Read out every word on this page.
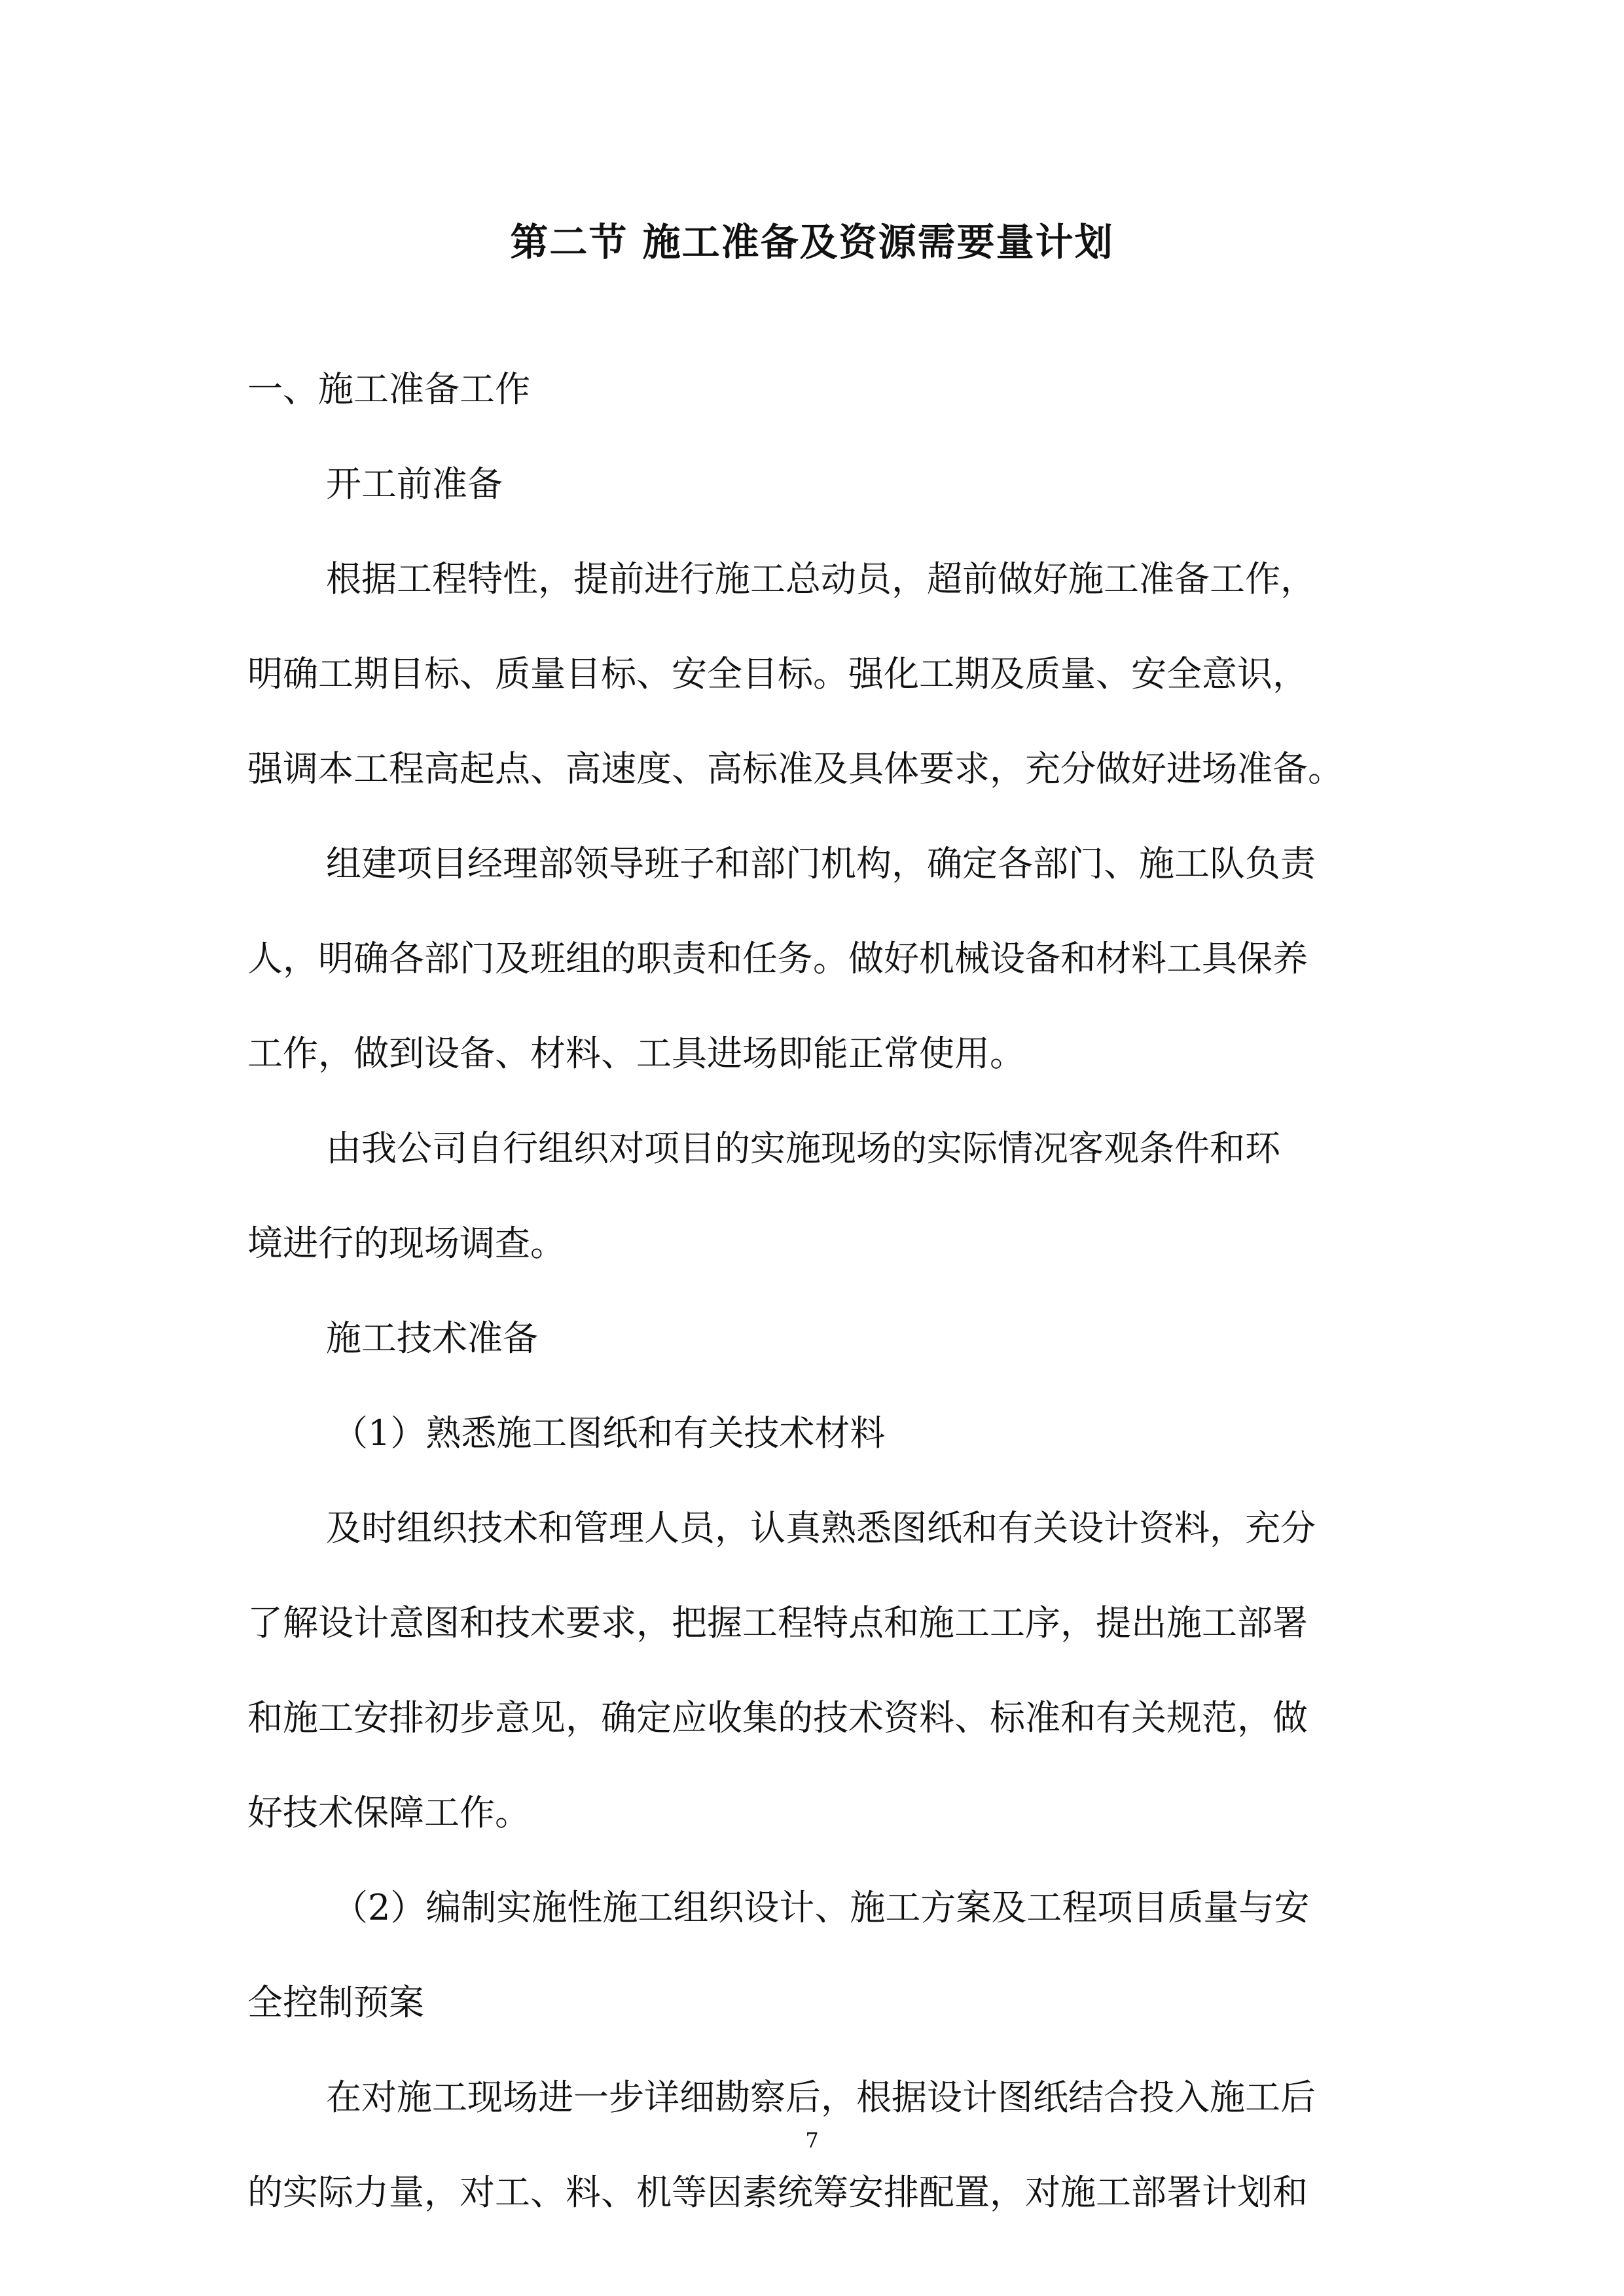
第二节 施工准备及资源需要量计划
一、施工准备工作
开工前准备
根据工程特性，提前进行施工总动员，超前做好施工准备工作，
明确工期目标、质量目标、安全目标。强化工期及质量、安全意识，
强调本工程高起点、高速度、高标准及具体要求，充分做好进场准备。
组建项目经理部领导班子和部门机构，确定各部门、施工队负责
人，明确各部门及班组的职责和任务。做好机械设备和材料工具保养
工作，做到设备、材料、工具进场即能正常使用。
由我公司自行组织对项目的实施现场的实际情况客观条件和环
境进行的现场调查。
施工技术准备
（1）熟悉施工图纸和有关技术材料
及时组织技术和管理人员，认真熟悉图纸和有关设计资料，充分
了解设计意图和技术要求，把握工程特点和施工工序，提出施工部署
和施工安排初步意见，确定应收集的技术资料、标准和有关规范，做
好技术保障工作。
（2）编制实施性施工组织设计、施工方案及工程项目质量与安
全控制预案
在对施工现场进一步详细勘察后，根据设计图纸结合投入施工后
的实际力量，对工、料、机等因素统筹安排配置，对施工部署计划和
7
